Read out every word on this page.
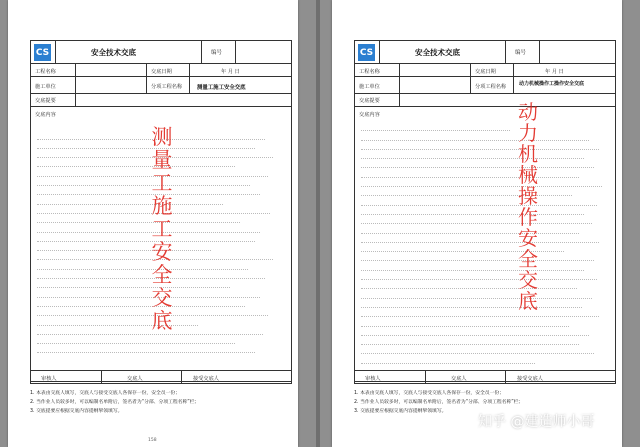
CS	安全技术交底	编号
工程名称	交底日期	年 月 日
施工单位	分项工程名称	测量工施工安全交底
交底提要
交底内容

测
量
工
施
工
安
全
交
底
审核人	交底人	接受交底人
1. 本表由交底人填写，交底人与接受交底人各保存一份，安全员一份；
2. 当作业人员较多时，可以编制名单附后，签名者为“分部、分项工程名称”栏；
3. 交底提要应根据交底内容提纲挈领填写。
158
CS	安全技术交底	编号
工程名称	交底日期	年 月 日
施工单位	分项工程名称	动力机械操作工操作安全交底
交底提要
交底内容

	动
力
机
械
操
作
安
全
交
底
审核人	交底人	接受交底人
1. 本表由交底人填写，交底人与接受交底人各保存一份，安全员一份；
2. 当作业人员较多时，可以编制名单附后，签名者为“分部、分项工程名称”栏；
3. 交底提要应根据交底内容提纲挈领填写。
知乎 @建造师小哥
